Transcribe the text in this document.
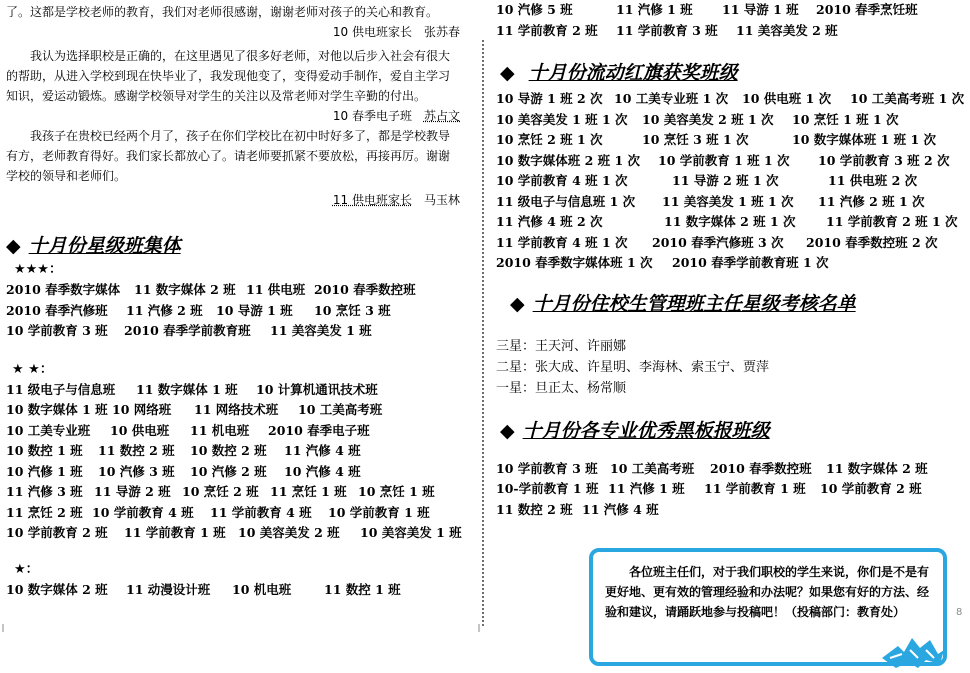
了。这都是学校老师的教育，我们对老师很感谢，谢谢老师对孩子的关心和教育。
10 供电班家长 张苏春
我认为选择职校是正确的，在这里遇见了很多好老师，对他以后步入社会有很大
的帮助，从进入学校到现在快毕业了，我发现他变了，变得爱动手制作，爱自主学习
知识，爱运动锻炼。感谢学校领导对学生的关注以及常老师对学生辛勤的付出。
10 春季电子班 苏占文
我孩子在贵校已经两个月了，孩子在你们学校比在初中时好多了，都是学校教导
有方，老师教育得好。我们家长都放心了。请老师要抓紧不要放松，再接再厉。谢谢
学校的领导和老师们。
11 供电班家长 马玉林
◆ 十月份星级班集体
★★★：
2010 春季数字媒体 11 数字媒体 2 班 11 供电班 2010 春季数控班
2010 春季汽修班 11 汽修 2 班 10 导游 1 班 10 烹饪 3 班
10 学前教育 3 班 2010 春季学前教育班 11 美容美发 1 班
★ ★：
11 级电子与信息班 11 数字媒体 1 班 10 计算机通讯技术班
10 数字媒体 1 班 10 网络班 11 网络技术班 10 工美高考班
10 工美专业班 10 供电班 11 机电班 2010 春季电子班
10 数控 1 班 11 数控 2 班 10 数控 2 班 11 汽修 4 班
10 汽修 1 班 10 汽修 3 班 10 汽修 2 班 10 汽修 4 班
11 汽修 3 班 11 导游 2 班 10 烹饪 2 班 11 烹饪 1 班 10 烹饪 1 班
11 烹饪 2 班 10 学前教育 4 班 11 学前教育 4 班 10 学前教育 1 班
10 学前教育 2 班 11 学前教育 1 班 10 美容美发 2 班 10 美容美发 1 班
★：
10 数字媒体 2 班 11 动漫设计班 10 机电班	11 数控 1 班
10 汽修 5 班	11 汽修 1 班 11 导游 1 班 2010 春季烹饪班
11 学前教育 2 班 11 学前教育 3 班 11 美容美发 2 班
◆ 十月份流动红旗获奖班级
10 导游 1 班 2 次 10 工美专业班 1 次 10 供电班 1 次 10 工美高考班 1 次
10 美容美发 1 班 1 次 10 美容美发 2 班 1 次 10 烹饪 1 班 1 次
10 烹饪 2 班 1 次	10 烹饪 3 班 1 次	10 数字媒体班 1 班 1 次
10 数字媒体班 2 班 1 次 10 学前教育 1 班 1 次 10 学前教育 3 班 2 次
10 学前教育 4 班 1 次	11 导游 2 班 1 次	11 供电班 2 次
11 级电子与信息班 1 次 11 美容美发 1 班 1 次 11 汽修 2 班 1 次
11 汽修 4 班 2 次	11 数字媒体 2 班 1 次 11 学前教育 2 班 1 次
11 学前教育 4 班 1 次 2010 春季汽修班 3 次 2010 春季数控班 2 次
2010 春季数字媒体班 1 次 2010 春季学前教育班 1 次
◆ 十月份住校生管理班主任星级考核名单
三星：王天河、许丽娜
二星：张大成、许星明、李海林、索玉宁、贾萍
一星：旦正太、杨常顺
◆ 十月份各专业优秀黑板报班级
10 学前教育 3 班 10 工美高考班 2010 春季数控班 11 数字媒体 2 班
10-学前教育 1 班 11 汽修 1 班 11 学前教育 1 班 10 学前教育 2 班
11 数控 2 班 11 汽修 4 班
各位班主任们，对于我们职校的学生来说，你们是不是有更好地、更有效的管理经验和办法呢？如果您有好的方法、经验和建议，请踊跃地参与投稿吧！（投稿部门：教育处）	8
